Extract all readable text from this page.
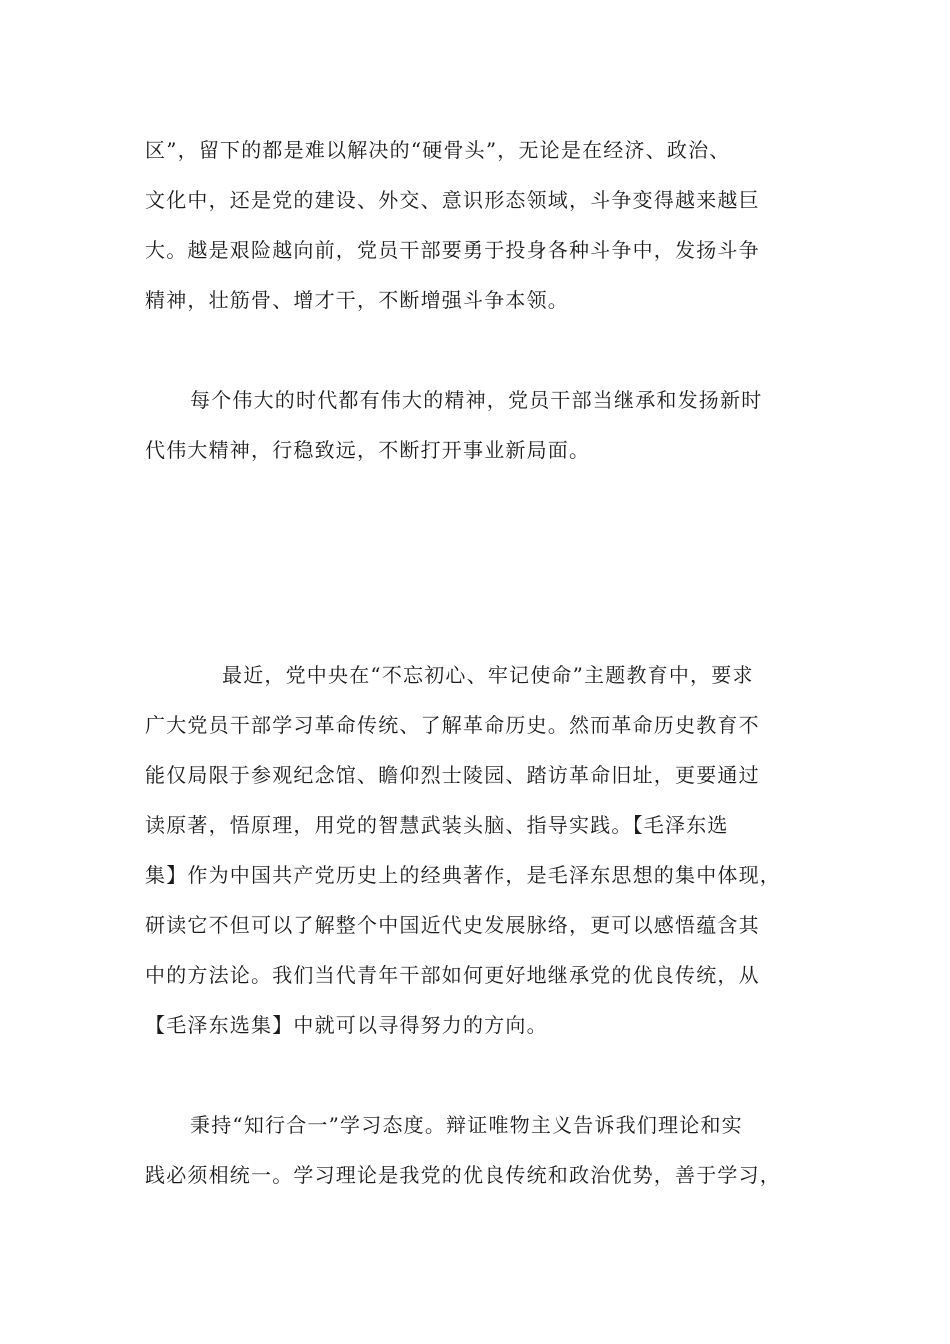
区”，留下的都是难以解决的“硬骨头”，无论是在经济、政治、
文化中，还是党的建设、外交、意识形态领域，斗争变得越来越巨
大。越是艰险越向前，党员干部要勇于投身各种斗争中，发扬斗争
精神，壮筋骨、增才干，不断增强斗争本领。
每个伟大的时代都有伟大的精神，党员干部当继承和发扬新时
代伟大精神，行稳致远，不断打开事业新局面。
最近，党中央在“不忘初心、牢记使命”主题教育中，要求
广大党员干部学习革命传统、了解革命历史。然而革命历史教育不
能仅局限于参观纪念馆、瞻仰烈士陵园、踏访革命旧址，更要通过
读原著，悟原理，用党的智慧武装头脑、指导实践。【毛泽东选
集】作为中国共产党历史上的经典著作，是毛泽东思想的集中体现，
研读它不但可以了解整个中国近代史发展脉络，更可以感悟蕴含其
中的方法论。我们当代青年干部如何更好地继承党的优良传统，从
【毛泽东选集】中就可以寻得努力的方向。
秉持“知行合一”学习态度。辩证唯物主义告诉我们理论和实
践必须相统一。学习理论是我党的优良传统和政治优势，善于学习，
